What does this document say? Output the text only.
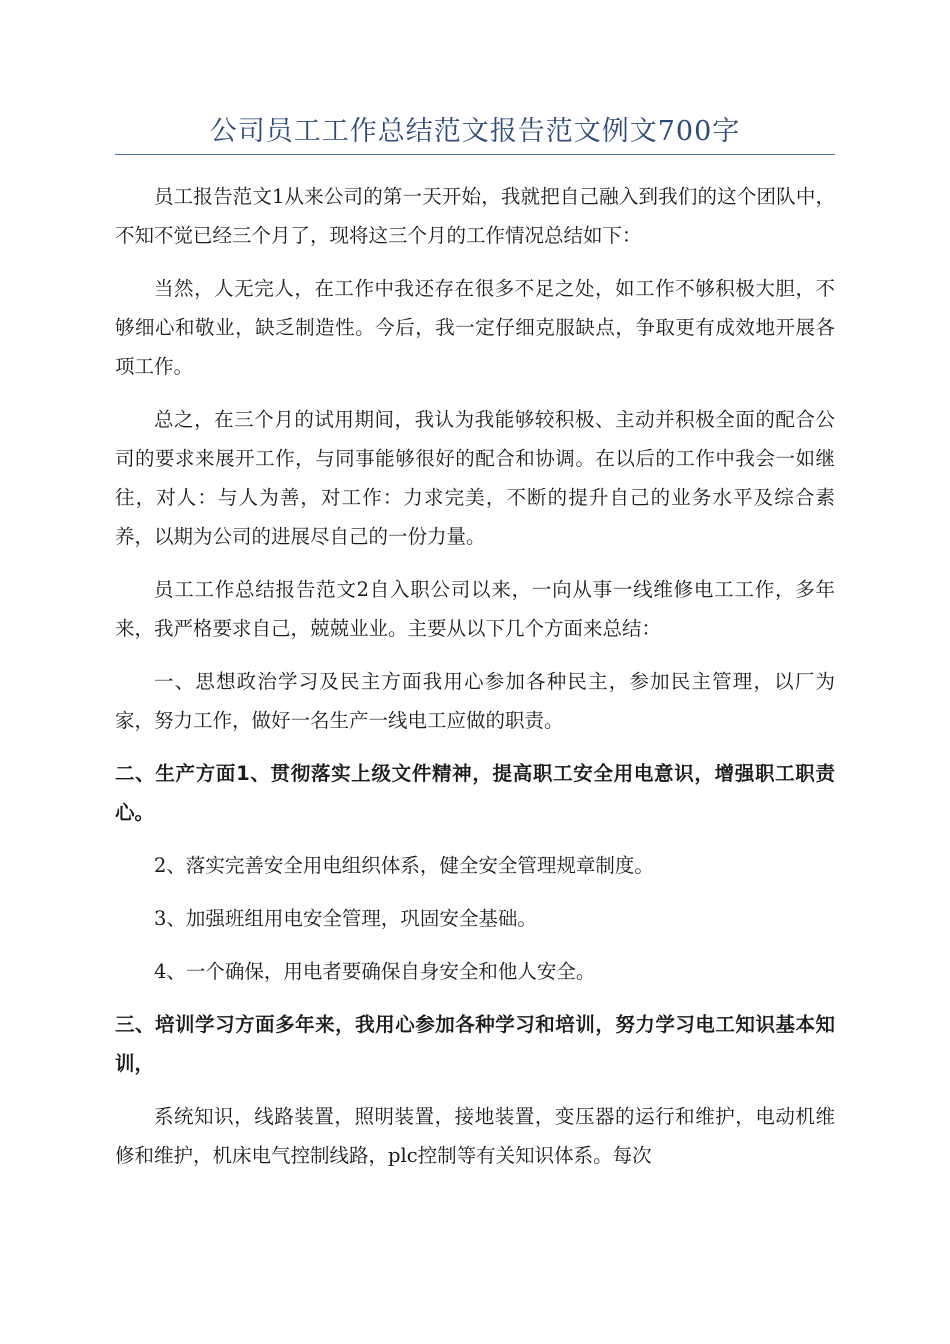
公司员工工作总结范文报告范文例文700字

员工报告范文1从来公司的第一天开始，我就把自己融入到我们的这个团队中，不知不觉已经三个月了，现将这三个月的工作情况总结如下：

当然，人无完人，在工作中我还存在很多不足之处，如工作不够积极大胆，不够细心和敬业，缺乏制造性。今后，我一定仔细克服缺点，争取更有成效地开展各项工作。

总之，在三个月的试用期间，我认为我能够较积极、主动并积极全面的配合公司的要求来展开工作，与同事能够很好的配合和协调。在以后的工作中我会一如继往，对人：与人为善，对工作：力求完美，不断的提升自己的业务水平及综合素养，以期为公司的进展尽自己的一份力量。

员工工作总结报告范文2自入职公司以来，一向从事一线维修电工工作，多年来，我严格要求自己，兢兢业业。主要从以下几个方面来总结：

一、思想政治学习及民主方面我用心参加各种民主，参加民主管理，以厂为家，努力工作，做好一名生产一线电工应做的职责。

二、生产方面1、贯彻落实上级文件精神，提高职工安全用电意识，增强职工职责心。

2、落实完善安全用电组织体系，健全安全管理规章制度。

3、加强班组用电安全管理，巩固安全基础。

4、一个确保，用电者要确保自身安全和他人安全。

三、培训学习方面多年来，我用心参加各种学习和培训，努力学习电工知识基本知训，

系统知识，线路装置，照明装置，接地装置，变压器的运行和维护，电动机维修和维护，机床电气控制线路，plc控制等有关知识体系。每次
